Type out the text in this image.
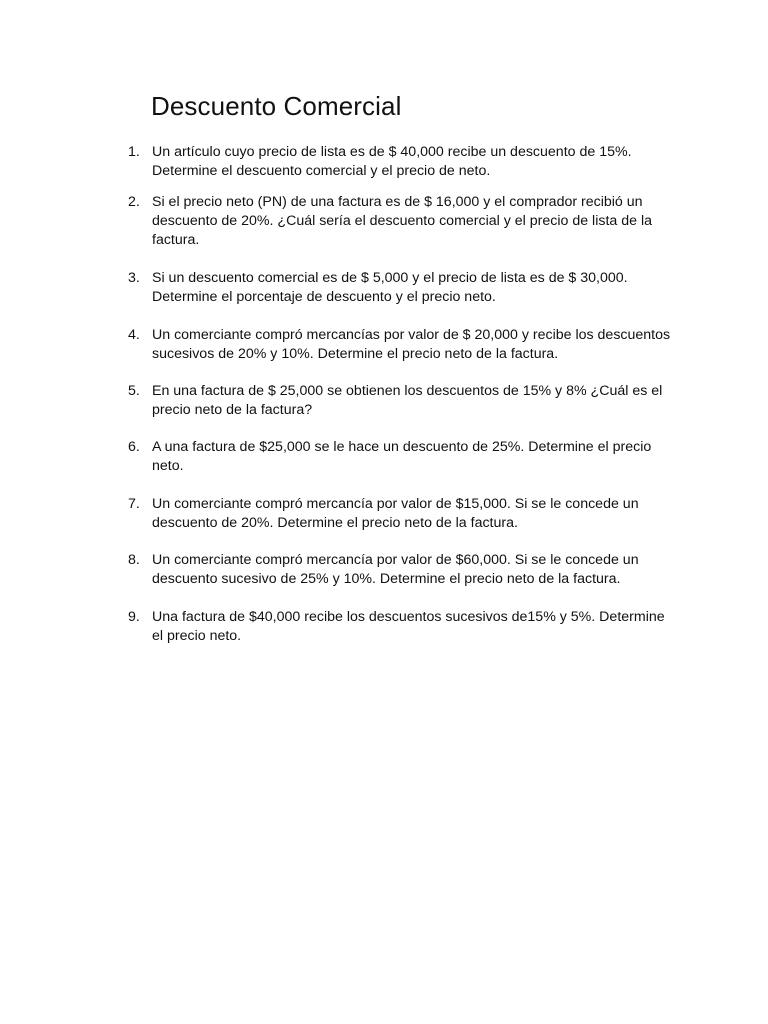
Descuento Comercial
1. Un artículo cuyo precio de lista es de $ 40,000 recibe un descuento de 15%. Determine el descuento comercial y el precio de neto.
2. Si el precio neto (PN) de una factura es de $ 16,000 y el comprador recibió un descuento de 20%. ¿Cuál sería el descuento comercial y el precio de lista de la factura.
3. Si un descuento comercial es de $ 5,000 y el precio de lista es de $ 30,000. Determine el porcentaje de descuento y el precio neto.
4. Un comerciante compró mercancías por valor de $ 20,000 y recibe los descuentos sucesivos de 20% y 10%. Determine el precio neto de la factura.
5. En una factura de $ 25,000 se obtienen los descuentos de 15% y 8% ¿Cuál es el precio neto de la factura?
6. A una factura de $25,000 se le hace un descuento de 25%. Determine el precio neto.
7. Un comerciante compró mercancía por valor de $15,000. Si se le concede un descuento de 20%. Determine el precio neto de la factura.
8. Un comerciante compró mercancía por valor de $60,000. Si se le concede un descuento sucesivo de 25% y 10%. Determine el precio neto de la factura.
9. Una factura de $40,000 recibe los descuentos sucesivos de15% y 5%. Determine el precio neto.
